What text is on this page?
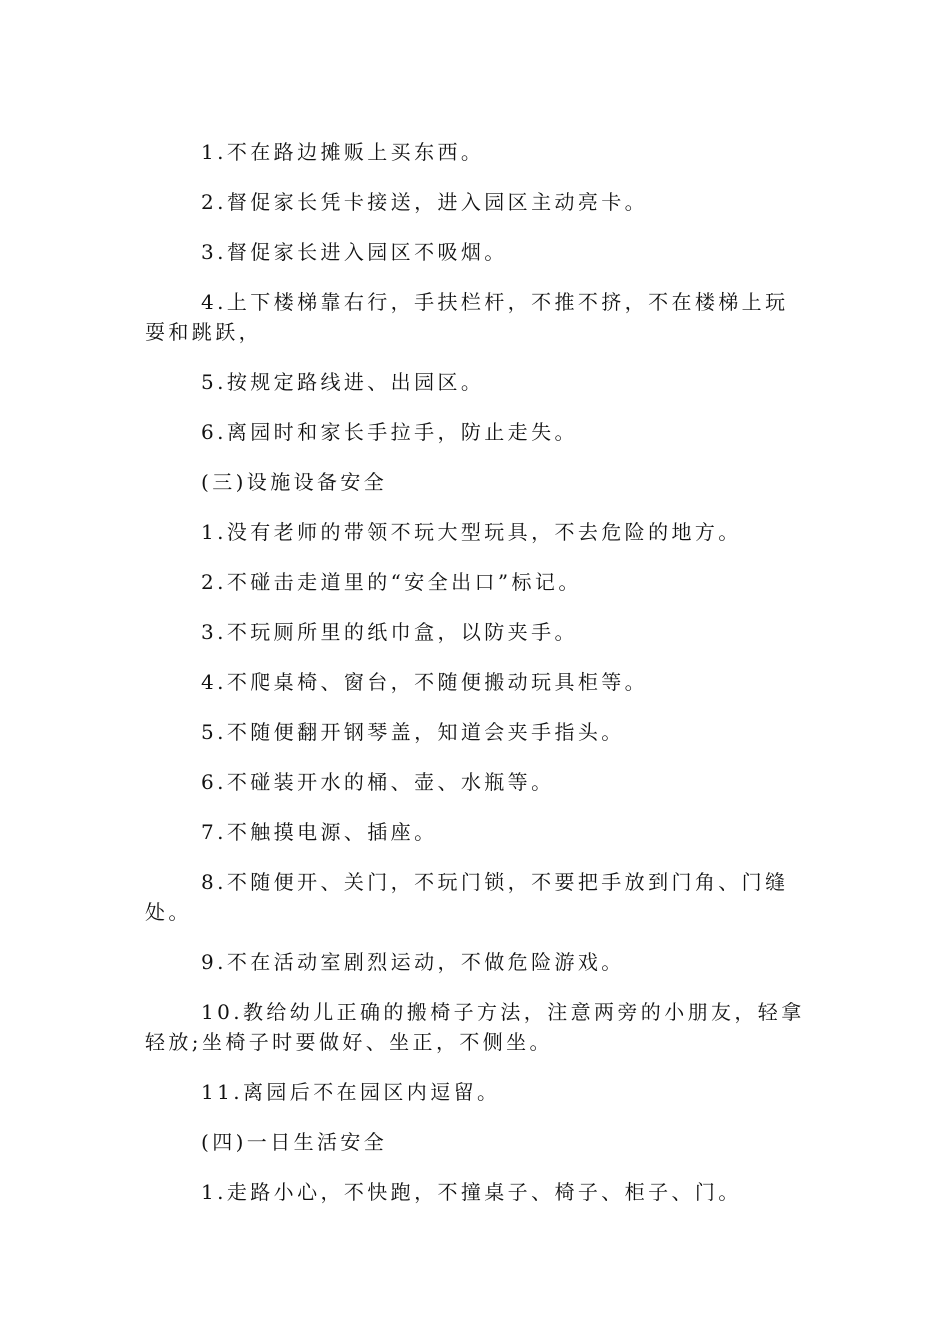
1.不在路边摊贩上买东西。

2.督促家长凭卡接送，进入园区主动亮卡。

3.督促家长进入园区不吸烟。

4.上下楼梯靠右行，手扶栏杆，不推不挤，不在楼梯上玩耍和跳跃，

5.按规定路线进、出园区。

6.离园时和家长手拉手，防止走失。

(三)设施设备安全

1.没有老师的带领不玩大型玩具，不去危险的地方。

2.不碰击走道里的“安全出口”标记。

3.不玩厕所里的纸巾盒，以防夹手。

4.不爬桌椅、窗台，不随便搬动玩具柜等。

5.不随便翻开钢琴盖，知道会夹手指头。

6.不碰装开水的桶、壶、水瓶等。

7.不触摸电源、插座。

8.不随便开、关门，不玩门锁，不要把手放到门角、门缝处。

9.不在活动室剧烈运动，不做危险游戏。

10.教给幼儿正确的搬椅子方法，注意两旁的小朋友，轻拿轻放;坐椅子时要做好、坐正，不侧坐。

11.离园后不在园区内逗留。

(四)一日生活安全

1.走路小心，不快跑，不撞桌子、椅子、柜子、门。
